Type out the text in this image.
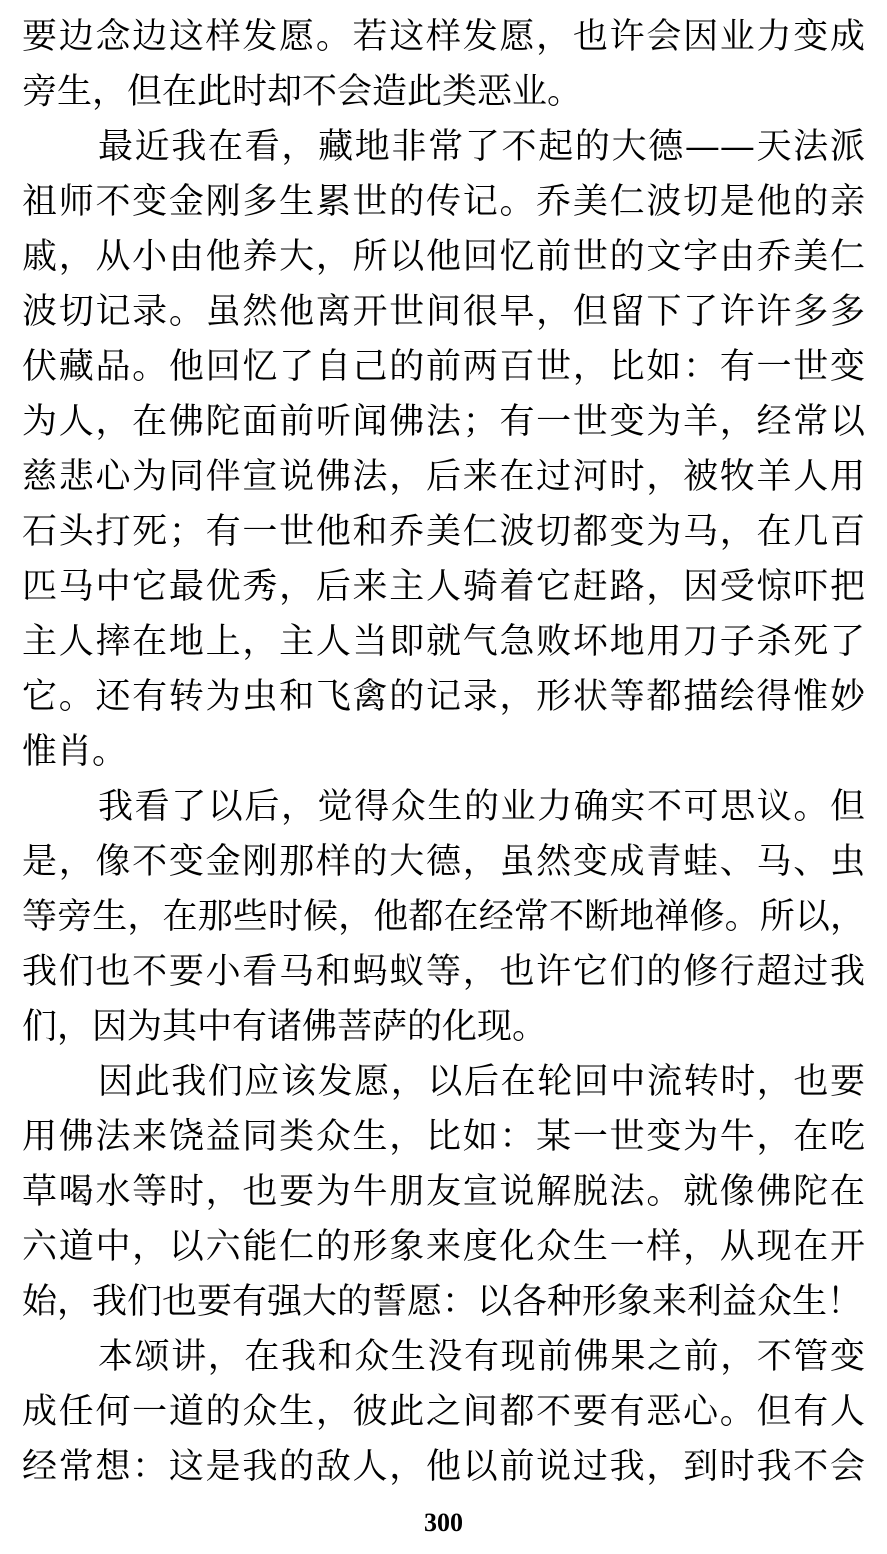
要边念边这样发愿。若这样发愿，也许会因业力变成
旁生，但在此时却不会造此类恶业。
最近我在看，藏地非常了不起的大德——天法派
祖师不变金刚多生累世的传记。乔美仁波切是他的亲
戚，从小由他养大，所以他回忆前世的文字由乔美仁
波切记录。虽然他离开世间很早，但留下了许许多多
伏藏品。他回忆了自己的前两百世，比如：有一世变
为人，在佛陀面前听闻佛法；有一世变为羊，经常以
慈悲心为同伴宣说佛法，后来在过河时，被牧羊人用
石头打死；有一世他和乔美仁波切都变为马，在几百
匹马中它最优秀，后来主人骑着它赶路，因受惊吓把
主人摔在地上，主人当即就气急败坏地用刀子杀死了
它。还有转为虫和飞禽的记录，形状等都描绘得惟妙
惟肖。
我看了以后，觉得众生的业力确实不可思议。但
是，像不变金刚那样的大德，虽然变成青蛙、马、虫
等旁生，在那些时候，他都在经常不断地禅修。所以，
我们也不要小看马和蚂蚁等，也许它们的修行超过我
们，因为其中有诸佛菩萨的化现。
因此我们应该发愿，以后在轮回中流转时，也要
用佛法来饶益同类众生，比如：某一世变为牛，在吃
草喝水等时，也要为牛朋友宣说解脱法。就像佛陀在
六道中，以六能仁的形象来度化众生一样，从现在开
始，我们也要有强大的誓愿：以各种形象来利益众生！
本颂讲，在我和众生没有现前佛果之前，不管变
成任何一道的众生，彼此之间都不要有恶心。但有人
经常想：这是我的敌人，他以前说过我，到时我不会
300
